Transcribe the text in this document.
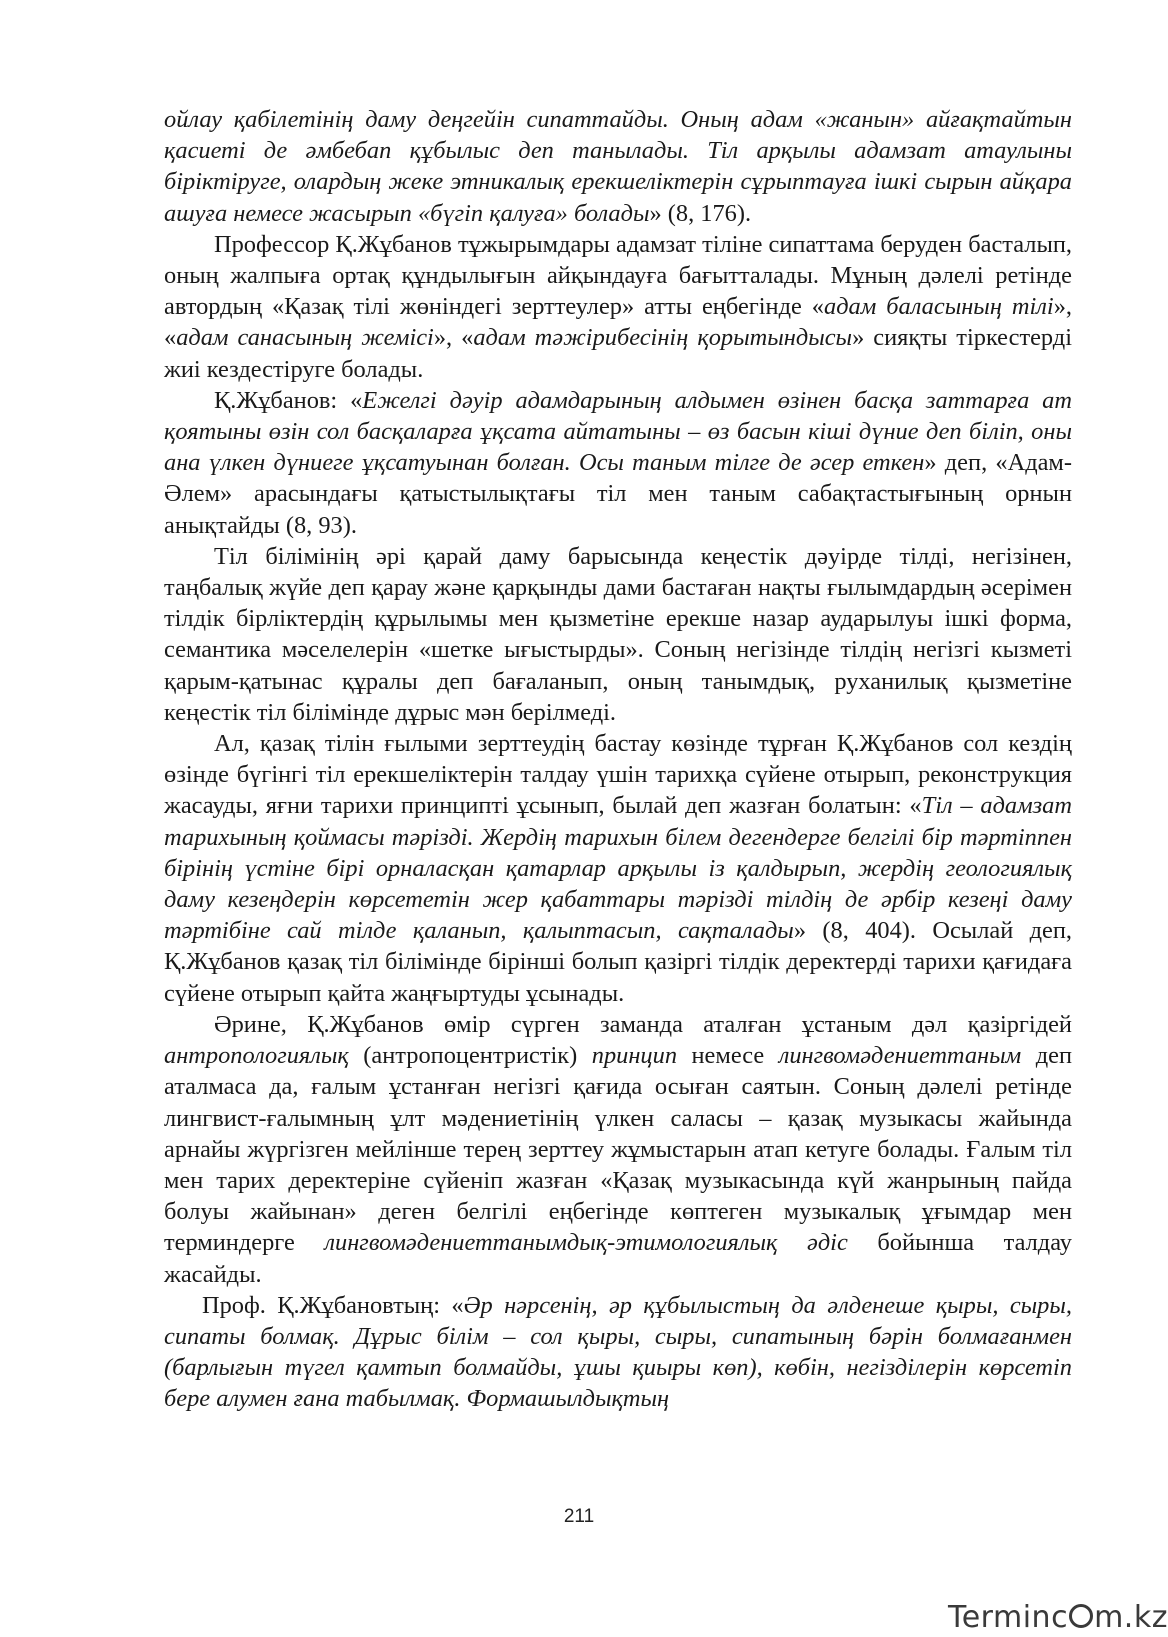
ойлау қабілетінің даму деңгейін сипаттайды. Оның адам «жанын» айғақтайтын қасиеті де әмбебап құбылыс деп танылады. Тіл арқылы адамзат атаулыны біріктіруге, олардың жеке этникалық ерекшеліктерін сұрыптауға ішкі сырын айқара ашуға немесе жасырып «бүгіп қалуға» болады» (8, 176).

Профессор Қ.Жұбанов тұжырымдары адамзат тіліне сипаттама беруден басталып, оның жалпыға ортақ құндылығын айқындауға бағытталады. Мұның дәлелі ретінде автордың «Қазақ тілі жөніндегі зерттеулер» атты еңбегінде «адам баласының тілі», «адам санасының жемісі», «адам тәжірибесінің қорытындысы» сияқты тіркестерді жиі кездестіруге болады.

Қ.Жұбанов: «Ежелгі дәуір адамдарының алдымен өзінен басқа заттарға ат қоятыны өзін сол басқаларға ұқсата айтатыны – өз басын кіші дүние деп біліп, оны ана үлкен дүниеге ұқсатуынан болған. Осы таным тілге де әсер еткен» деп, «Адам-Әлем» арасындағы қатыстылықтағы тіл мен таным сабақтастығының орнын анықтайды (8, 93).

Тіл білімінің әрі қарай даму барысында кеңестік дәуірде тілді, негізінен, таңбалық жүйе деп қарау және қарқынды дами бастаған нақты ғылымдардың әсерімен тілдік бірліктердің құрылымы мен қызметіне ерекше назар аударылуы ішкі форма, семантика мәселелерін «шетке ығыстырды». Соның негізінде тілдің негізгі кызметі қарым-қатынас құралы деп бағаланып, оның танымдық, руханилық қызметіне кеңестік тіл білімінде дұрыс мән берілмеді.

Ал, қазақ тілін ғылыми зерттеудің бастау көзінде тұрған Қ.Жұбанов сол кездің өзінде бүгінгі тіл ерекшеліктерін талдау үшін тарихқа сүйене отырып, реконструкция жасауды, яғни тарихи принципті ұсынып, былай деп жазған болатын: «Тіл – адамзат тарихының қоймасы тәрізді. Жердің тарихын білем дегендерге белгілі бір тәртіппен бірінің үстіне бірі орналасқан қатарлар арқылы із қалдырып, жердің геологиялық даму кезеңдерін көрсететін жер қабаттары тәрізді тілдің де әрбір кезеңі даму тәртібіне сай тілде қаланып, қалыптасып, сақталады» (8, 404). Осылай деп, Қ.Жұбанов қазақ тіл білімінде бірінші болып қазіргі тілдік деректерді тарихи қағидаға сүйене отырып қайта жаңғыртуды ұсынады.

Әрине, Қ.Жұбанов өмір сүрген заманда аталған ұстаным дәл қазіргідей антропологиялық (антропоцентристік) принцип немесе лингвомәдениеттаным деп аталмаса да, ғалым ұстанған негізгі қағида осыған саятын. Соның дәлелі ретінде лингвист-ғалымның ұлт мәдениетінің үлкен саласы – қазақ музыкасы жайында арнайы жүргізген мейлінше терең зерттеу жұмыстарын атап кетуге болады. Ғалым тіл мен тарих деректеріне сүйеніп жазған «Қазақ музыкасында күй жанрының пайда болуы жайынан» деген белгілі еңбегінде көптеген музыкалық ұғымдар мен терминдерге лингвомәдениеттанымдық-этимологиялық әдіс бойынша талдау жасайды.

Проф. Қ.Жұбановтың: «Әр нәрсенің, әр құбылыстың да әлденеше қыры, сыры, сипаты болмақ. Дұрыс білім – сол қыры, сыры, сипатының бәрін болмағанмен (барлығын түгел қамтып болмайды, ұшы қиыры көп), көбін, негізділерін көрсетіп бере алумен ғана табылмақ. Формашылдықтың

211
Terminc m.kz
